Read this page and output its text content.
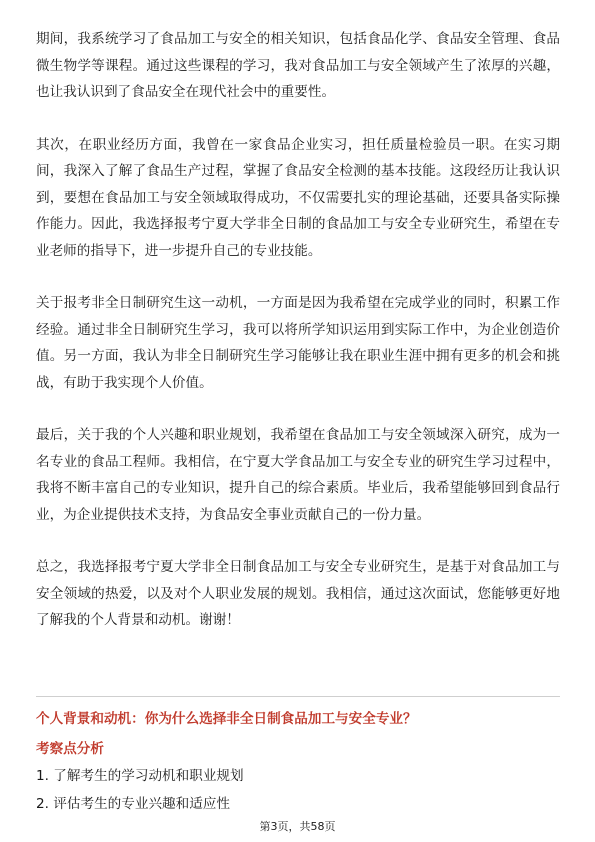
期间，我系统学习了食品加工与安全的相关知识，包括食品化学、食品安全管理、食品微生物学等课程。通过这些课程的学习，我对食品加工与安全领域产生了浓厚的兴趣，也让我认识到了食品安全在现代社会中的重要性。

其次，在职业经历方面，我曾在一家食品企业实习，担任质量检验员一职。在实习期间，我深入了解了食品生产过程，掌握了食品安全检测的基本技能。这段经历让我认识到，要想在食品加工与安全领域取得成功，不仅需要扎实的理论基础，还要具备实际操作能力。因此，我选择报考宁夏大学非全日制的食品加工与安全专业研究生，希望在专业老师的指导下，进一步提升自己的专业技能。

关于报考非全日制研究生这一动机，一方面是因为我希望在完成学业的同时，积累工作经验。通过非全日制研究生学习，我可以将所学知识运用到实际工作中，为企业创造价值。另一方面，我认为非全日制研究生学习能够让我在职业生涯中拥有更多的机会和挑战，有助于我实现个人价值。

最后，关于我的个人兴趣和职业规划，我希望在食品加工与安全领域深入研究，成为一名专业的食品工程师。我相信，在宁夏大学食品加工与安全专业的研究生学习过程中，我将不断丰富自己的专业知识，提升自己的综合素质。毕业后，我希望能够回到食品行业，为企业提供技术支持，为食品安全事业贡献自己的一份力量。

总之，我选择报考宁夏大学非全日制食品加工与安全专业研究生，是基于对食品加工与安全领域的热爱，以及对个人职业发展的规划。我相信，通过这次面试，您能够更好地了解我的个人背景和动机。谢谢！

个人背景和动机：你为什么选择非全日制食品加工与安全专业？
考察点分析
1. 了解考生的学习动机和职业规划
2. 评估考生的专业兴趣和适应性
第3页，共58页
